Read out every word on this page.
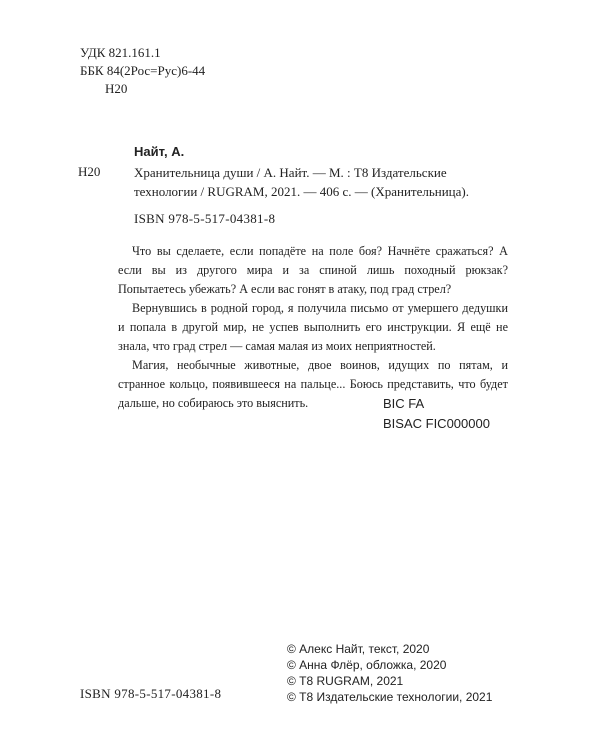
УДК 821.161.1
ББК 84(2Рос=Рус)6-44
Н20
Найт, А.
Н20	Хранительница души / А. Найт. — М. : Т8 Издательские
технологии / RUGRAM, 2021. — 406 с. — (Хранительница).
ISBN 978-5-517-04381-8

Что вы сделаете, если попадёте на поле боя? Начнёте сражаться? А если вы из другого мира и за спиной лишь походный рюкзак? Попытаетесь убежать? А если вас гонят в атаку, под град стрел?

Вернувшись в родной город, я получила письмо от умершего дедушки и попала в другой мир, не успев выполнить его инструкции. Я ещё не знала, что град стрел — самая малая из моих неприятностей.

Магия, необычные животные, двое воинов, идущих по пятам, и странное кольцо, появившееся на пальце... Боюсь представить, что будет дальше, но собираюсь это выяснить.	BIC FA
BISAC FIC000000
ISBN 978-5-517-04381-8
© Алекс Найт, текст, 2020
© Анна Флёр, обложка, 2020
© Т8 RUGRAM, 2021
© Т8 Издательские технологии, 2021
